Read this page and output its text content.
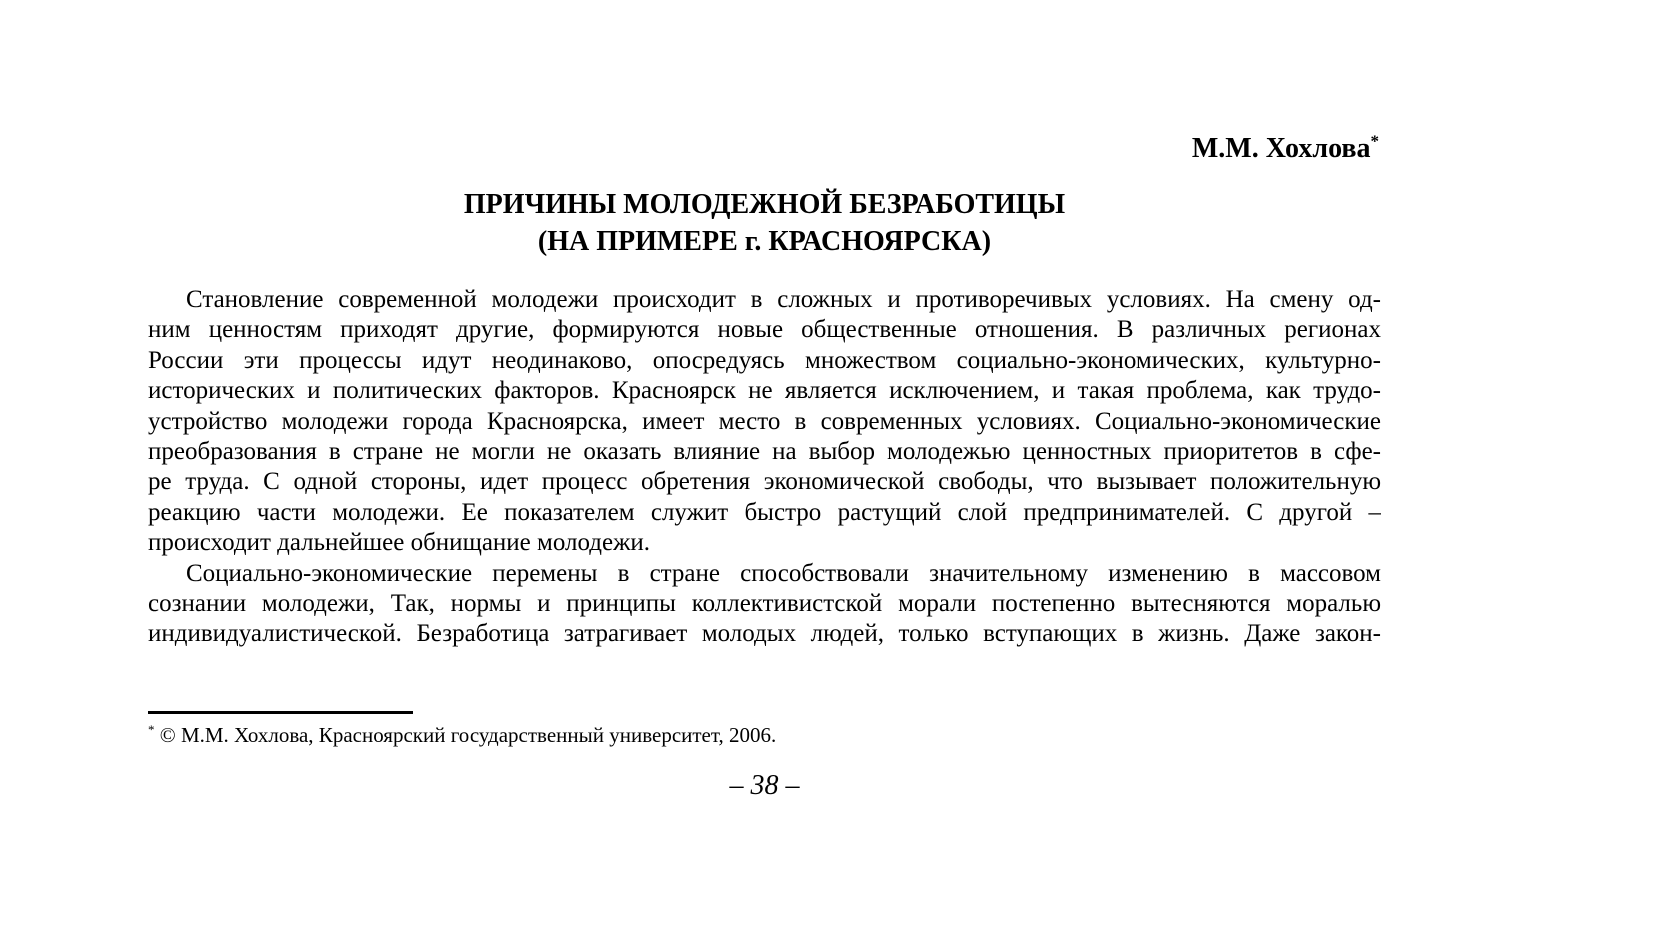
М.М. Хохлова*
ПРИЧИНЫ МОЛОДЕЖНОЙ БЕЗРАБОТИЦЫ
(НА ПРИМЕРЕ г. КРАСНОЯРСКА)
Становление современной молодежи происходит в сложных и противоречивых условиях. На смену од-
ним ценностям приходят другие, формируются новые общественные отношения. В различных регионах
России эти процессы идут неодинаково, опосредуясь множеством социально-экономических, культурно-
исторических и политических факторов. Красноярск не является исключением, и такая проблема, как трудо-
устройство молодежи города Красноярска, имеет место в современных условиях. Социально-экономические
преобразования в стране не могли не оказать влияние на выбор молодежью ценностных приоритетов в сфе-
ре труда. С одной стороны, идет процесс обретения экономической свободы, что вызывает положительную
реакцию части молодежи. Ее показателем служит быстро растущий слой предпринимателей. С другой –
происходит дальнейшее обнищание молодежи.
Социально-экономические перемены в стране способствовали значительному изменению в массовом
сознании молодежи, Так, нормы и принципы коллективистской морали постепенно вытесняются моралью
индивидуалистической. Безработица затрагивает молодых людей, только вступающих в жизнь. Даже закон-
* © М.М. Хохлова, Красноярский государственный университет, 2006.
– 38 –
